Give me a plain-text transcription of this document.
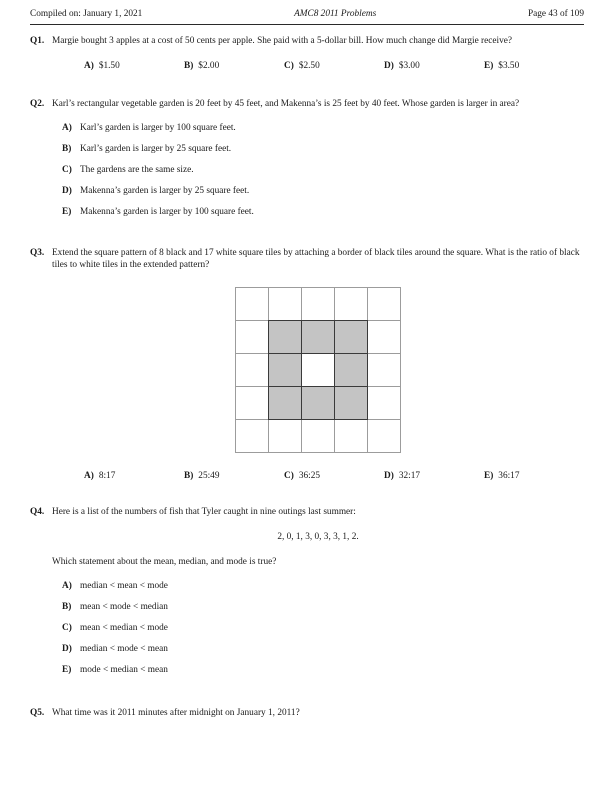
Compiled on: January 1, 2021	AMC8 2011 Problems	Page 43 of 109
Q1. Margie bought 3 apples at a cost of 50 cents per apple. She paid with a 5-dollar bill. How much change did Margie receive?
A) $1.50	B) $2.00	C) $2.50	D) $3.00	E) $3.50
Q2. Karl’s rectangular vegetable garden is 20 feet by 45 feet, and Makenna’s is 25 feet by 40 feet. Whose garden is larger in area?
A) Karl’s garden is larger by 100 square feet.
B) Karl’s garden is larger by 25 square feet.
C) The gardens are the same size.
D) Makenna’s garden is larger by 25 square feet.
E) Makenna’s garden is larger by 100 square feet.
Q3. Extend the square pattern of 8 black and 17 white square tiles by attaching a border of black tiles around the square. What is the ratio of black tiles to white tiles in the extended pattern?
A) 8:17	B) 25:49	C) 36:25	D) 32:17	E) 36:17
Q4. Here is a list of the numbers of fish that Tyler caught in nine outings last summer:
2, 0, 1, 3, 0, 3, 3, 1, 2.
Which statement about the mean, median, and mode is true?
A) median < mean < mode
B) mean < mode < median
C) mean < median < mode
D) median < mode < mean
E) mode < median < mean
Q5. What time was it 2011 minutes after midnight on January 1, 2011?
